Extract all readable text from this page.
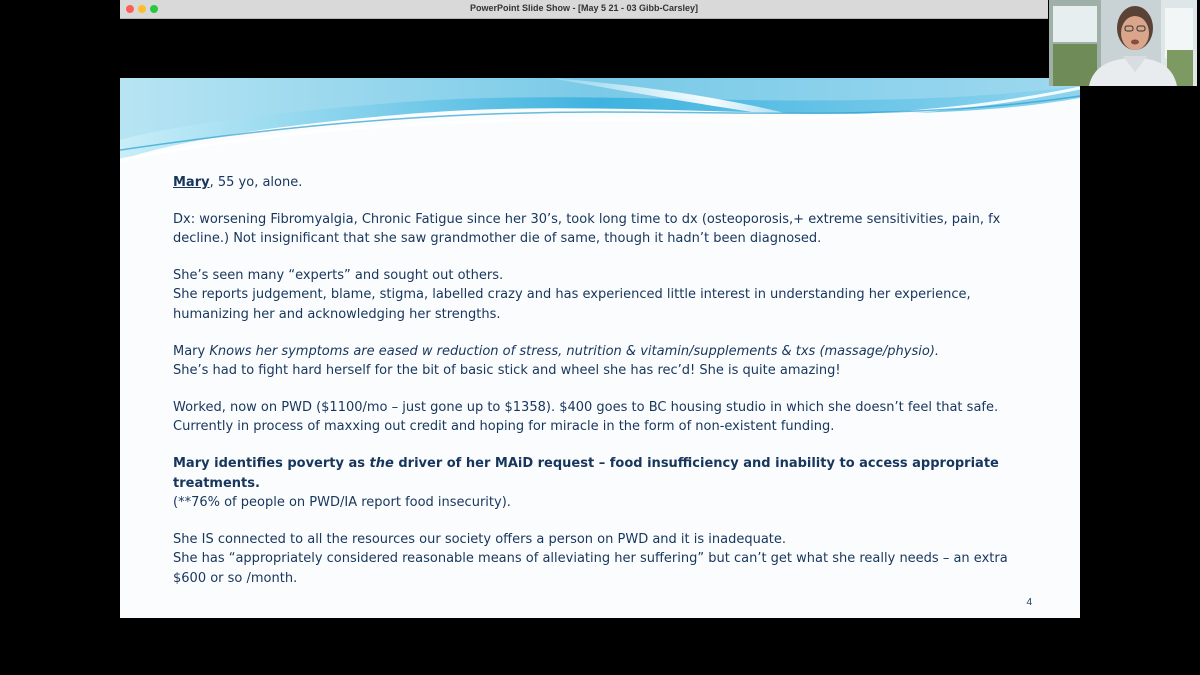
PowerPoint Slide Show - [May 5 21 - 03 Gibb-Carsley]

Mary, 55 yo, alone.

Dx: worsening Fibromyalgia, Chronic Fatigue since her 30’s, took long time to dx (osteoporosis,+ extreme sensitivities, pain, fx

decline.) Not insignificant that she saw grandmother die of same, though it hadn’t been diagnosed.

She’s seen many “experts” and sought out others.

She reports judgement, blame, stigma, labelled crazy and has experienced little interest in understanding her experience,

humanizing her and acknowledging her strengths.

Mary Knows her symptoms are eased w reduction of stress, nutrition & vitamin/supplements & txs (massage/physio).

She’s had to fight hard herself for the bit of basic stick and wheel she has rec’d! She is quite amazing!

Worked, now on PWD ($1100/mo – just gone up to $1358). $400 goes to BC housing studio in which she doesn’t feel that safe.

Currently in process of maxxing out credit and hoping for miracle in the form of non-existent funding.

Mary identifies poverty as the driver of her MAiD request – food insufficiency and inability to access appropriate treatments.

(**76% of people on PWD/IA report food insecurity).

She IS connected to all the resources our society offers a person on PWD and it is inadequate.

She has “appropriately considered reasonable means of alleviating her suffering” but can’t get what she really needs – an extra

$600 or so /month.

4
